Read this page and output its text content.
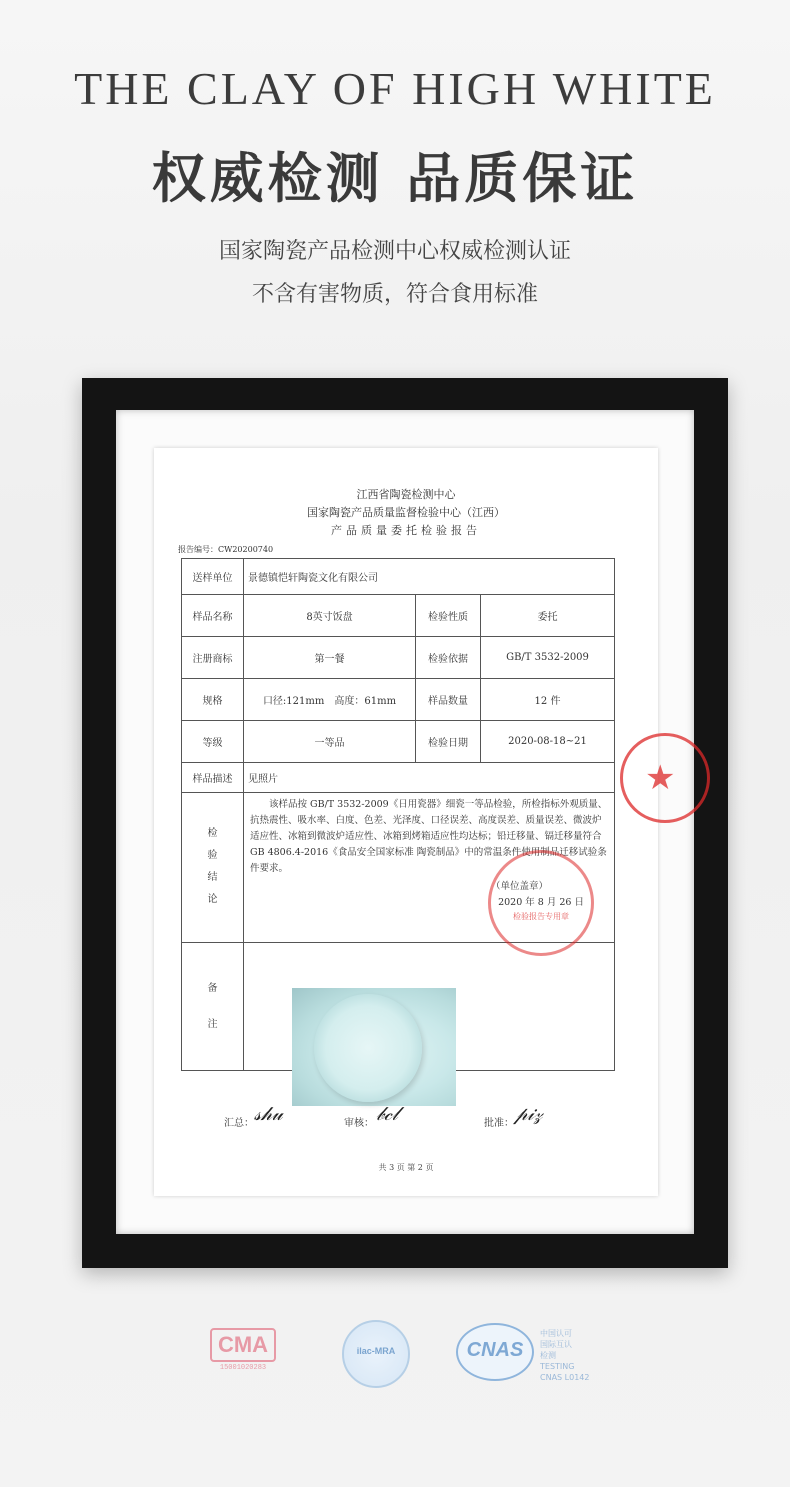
THE CLAY OF HIGH WHITE
权威检测 品质保证
国家陶瓷产品检测中心权威检测认证
不含有害物质，符合食用标准
江西省陶瓷检测中心
国家陶瓷产品质量监督检验中心（江西）
产品质量委托检验报告
报告编号：CW20200740
送样单位	景德镇恺轩陶瓷文化有限公司		
样品名称	8英寸饭盘	检验性质	委托
注册商标	第一餐	检验依据	GB/T 3532-2009
规格	口径:121mm　高度：61mm	样品数量	12 件
等级	一等品	检验日期	2020-08-18~21
样品描述	见照片		
检验结论	该样品按 GB/T 3532-2009《日用瓷器》细瓷一等品检验，所检指标外观质量、抗热震性、吸水率、白度、色差、光泽度、口径误差、高度误差、质量误差、微波炉适应性、冰箱到微波炉适应性、冰箱到烤箱适应性均达标；铅迁移量、镉迁移量符合 GB 4806.4-2016《食品安全国家标准 陶瓷制品》中的常温条件使用制品迁移试验条件要求。
（单位盖章）
2020 年 8 月 26 日		

备注			
★
检验报告专用章
汇总： 𝓈𝒽𝓊	审核： 𝒷𝒸𝓁	批准： 𝓅𝒾𝓏
共 3 页 第 2 页
CMA
15001020283
ilac-MRA	CNAS
中国认可
国际互认
检测
TESTING
CNAS L0142
